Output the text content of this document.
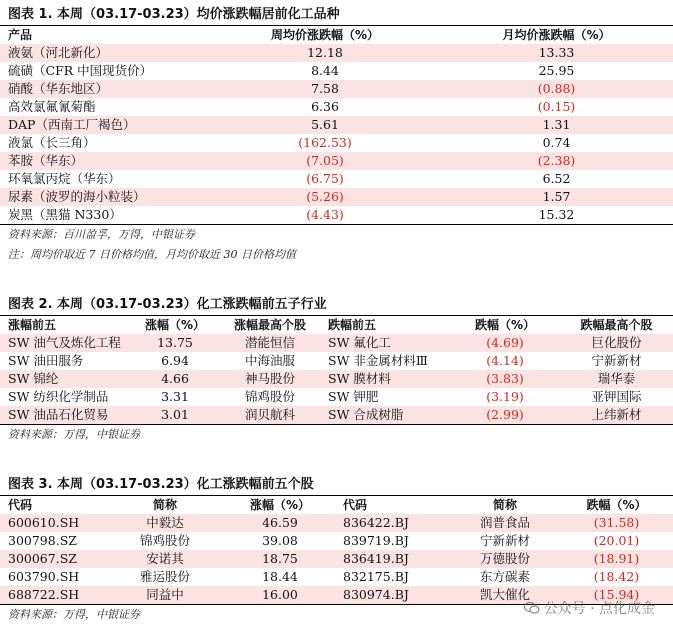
图表 1. 本周（03.17-03.23）均价涨跌幅居前化工品种
产品	周均价涨跌幅（%）	月均价涨跌幅（%）
液氨（河北新化）	12.18	13.33
硫磺（CFR 中国现货价）	8.44	25.95
硝酸（华东地区）	7.58	(0.88)
高效氯氟氰菊酯	6.36	(0.15)
DAP（西南工厂褐色）	5.61	1.31
液氯（长三角）	(162.53)	0.74
苯胺（华东）	(7.05)	(2.38)
环氧氯丙烷（华东）	(6.75)	6.52
尿素（波罗的海小粒装）	(5.26)	1.57
炭黑（黑猫 N330）	(4.43)	15.32
资料来源：百川盈孚，万得，中银证券
注：周均价取近 7 日价格均值，月均价取近 30 日价格均值
图表 2. 本周（03.17-03.23）化工涨跌幅前五子行业
涨幅前五	涨幅（%）	涨幅最高个股	跌幅前五	跌幅（%）	跌幅最高个股
SW 油气及炼化工程	13.75	潜能恒信	SW 氟化工	(4.69)	巨化股份
SW 油田服务	6.94	中海油服	SW 非金属材料Ⅲ	(4.14)	宁新新材
SW 锦纶	4.66	神马股份	SW 膜材料	(3.83)	瑞华泰
SW 纺织化学制品	3.31	锦鸡股份	SW 钾肥	(3.19)	亚钾国际
SW 油品石化贸易	3.01	润贝航科	SW 合成树脂	(2.99)	上纬新材
资料来源：万得，中银证券
图表 3. 本周（03.17-03.23）化工涨跌幅前五个股
代码	简称	涨幅（%）	代码	简称	跌幅（%）
600610.SH	中毅达	46.59	836422.BJ	润普食品	(31.58)
300798.SZ	锦鸡股份	39.08	839719.BJ	宁新新材	(20.01)
300067.SZ	安诺其	18.75	836419.BJ	万德股份	(18.91)
603790.SH	雅运股份	18.44	832175.BJ	东方碳素	(18.42)
688722.SH	同益中	16.00	830974.BJ	凯大催化	(15.94)
资料来源：万得，中银证券	公众号 · 点化成金
